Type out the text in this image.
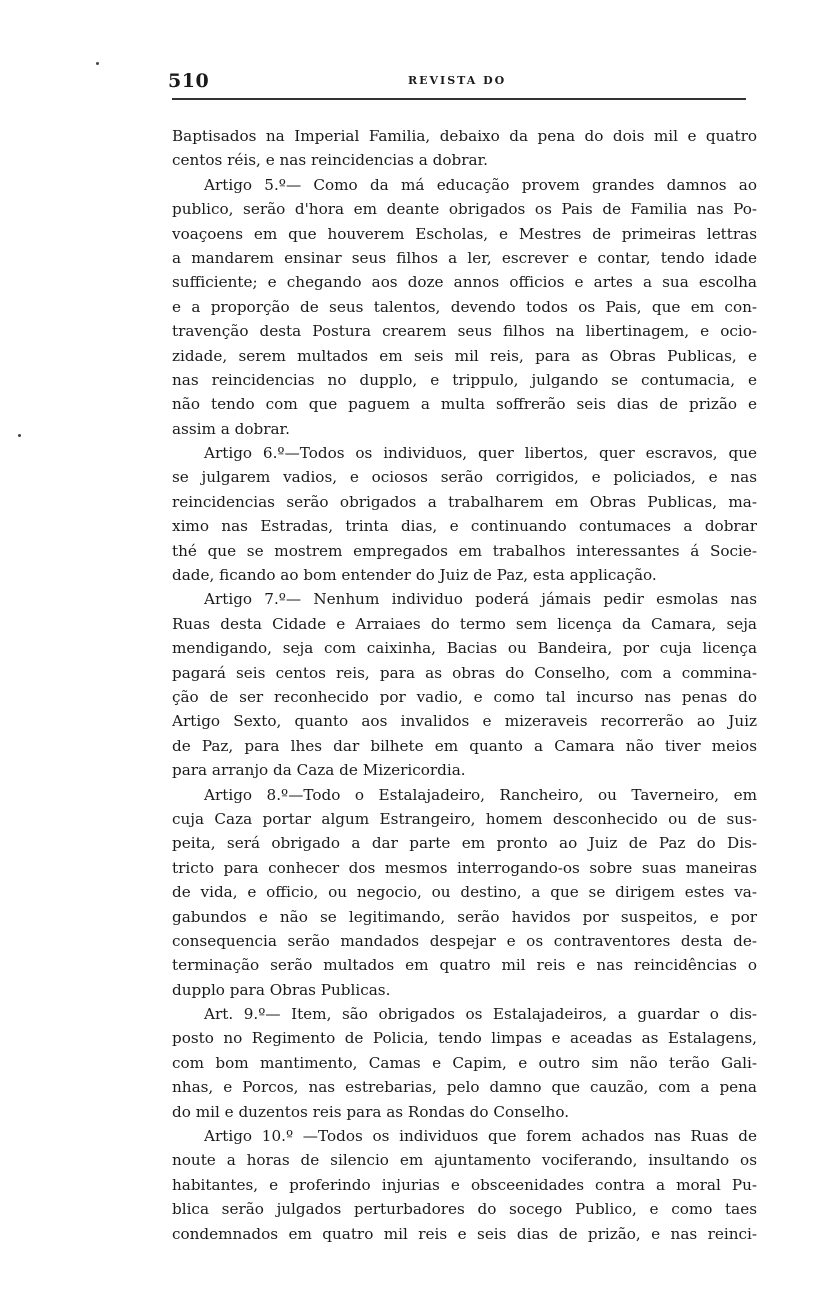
510	REVISTA DO
Baptisados na Imperial Familia, debaixo da pena do dois mil e quatro
centos réis, e nas reincidencias a dobrar.
Artigo 5.º— Como da má educação provem grandes damnos ao
publico, serão d'hora em deante obrigados os Pais de Familia nas Po-
voaçoens em que houverem Escholas, e Mestres de primeiras lettras
a mandarem ensinar seus filhos a ler, escrever e contar, tendo idade
sufficiente; e chegando aos doze annos officios e artes a sua escolha
e a proporção de seus talentos, devendo todos os Pais, que em con-
travenção desta Postura crearem seus filhos na libertinagem, e ocio-
zidade, serem multados em seis mil reis, para as Obras Publicas, e
nas reincidencias no dupplo, e trippulo, julgando se contumacia, e
não tendo com que paguem a multa soffrerão seis dias de prizão e
assim a dobrar.
Artigo 6.º—Todos os individuos, quer libertos, quer escravos, que
se julgarem vadios, e ociosos serão corrigidos, e policiados, e nas
reincidencias serão obrigados a trabalharem em Obras Publicas, ma-
ximo nas Estradas, trinta dias, e continuando contumaces a dobrar
thé que se mostrem empregados em trabalhos interessantes á Socie-
dade, ficando ao bom entender do Juiz de Paz, esta applicação.
Artigo 7.º— Nenhum individuo poderá jámais pedir esmolas nas
Ruas desta Cidade e Arraiaes do termo sem licença da Camara, seja
mendigando, seja com caixinha, Bacias ou Bandeira, por cuja licença
pagará seis centos reis, para as obras do Conselho, com a commina-
ção de ser reconhecido por vadio, e como tal incurso nas penas do
Artigo Sexto, quanto aos invalidos e mizeraveis recorrerão ao Juiz
de Paz, para lhes dar bilhete em quanto a Camara não tiver meios
para arranjo da Caza de Mizericordia.
Artigo 8.º—Todo o Estalajadeiro, Rancheiro, ou Taverneiro, em
cuja Caza portar algum Estrangeiro, homem desconhecido ou de sus-
peita, será obrigado a dar parte em pronto ao Juiz de Paz do Dis-
tricto para conhecer dos mesmos interrogando-os sobre suas maneiras
de vida, e officio, ou negocio, ou destino, a que se dirigem estes va-
gabundos e não se legitimando, serão havidos por suspeitos, e por
consequencia serão mandados despejar e os contraventores desta de-
terminação serão multados em quatro mil reis e nas reincidências o
dupplo para Obras Publicas.
Art. 9.º— Item, são obrigados os Estalajadeiros, a guardar o dis-
posto no Regimento de Policia, tendo limpas e aceadas as Estalagens,
com bom mantimento, Camas e Capim, e outro sim não terão Gali-
nhas, e Porcos, nas estrebarias, pelo damno que cauzão, com a pena
do mil e duzentos reis para as Rondas do Conselho.
Artigo 10.º —Todos os individuos que forem achados nas Ruas de
noute a horas de silencio em ajuntamento vociferando, insultando os
habitantes, e proferindo injurias e obsceenidades contra a moral Pu-
blica serão julgados perturbadores do socego Publico, e como taes
condemnados em quatro mil reis e seis dias de prizão, e nas reinci-
